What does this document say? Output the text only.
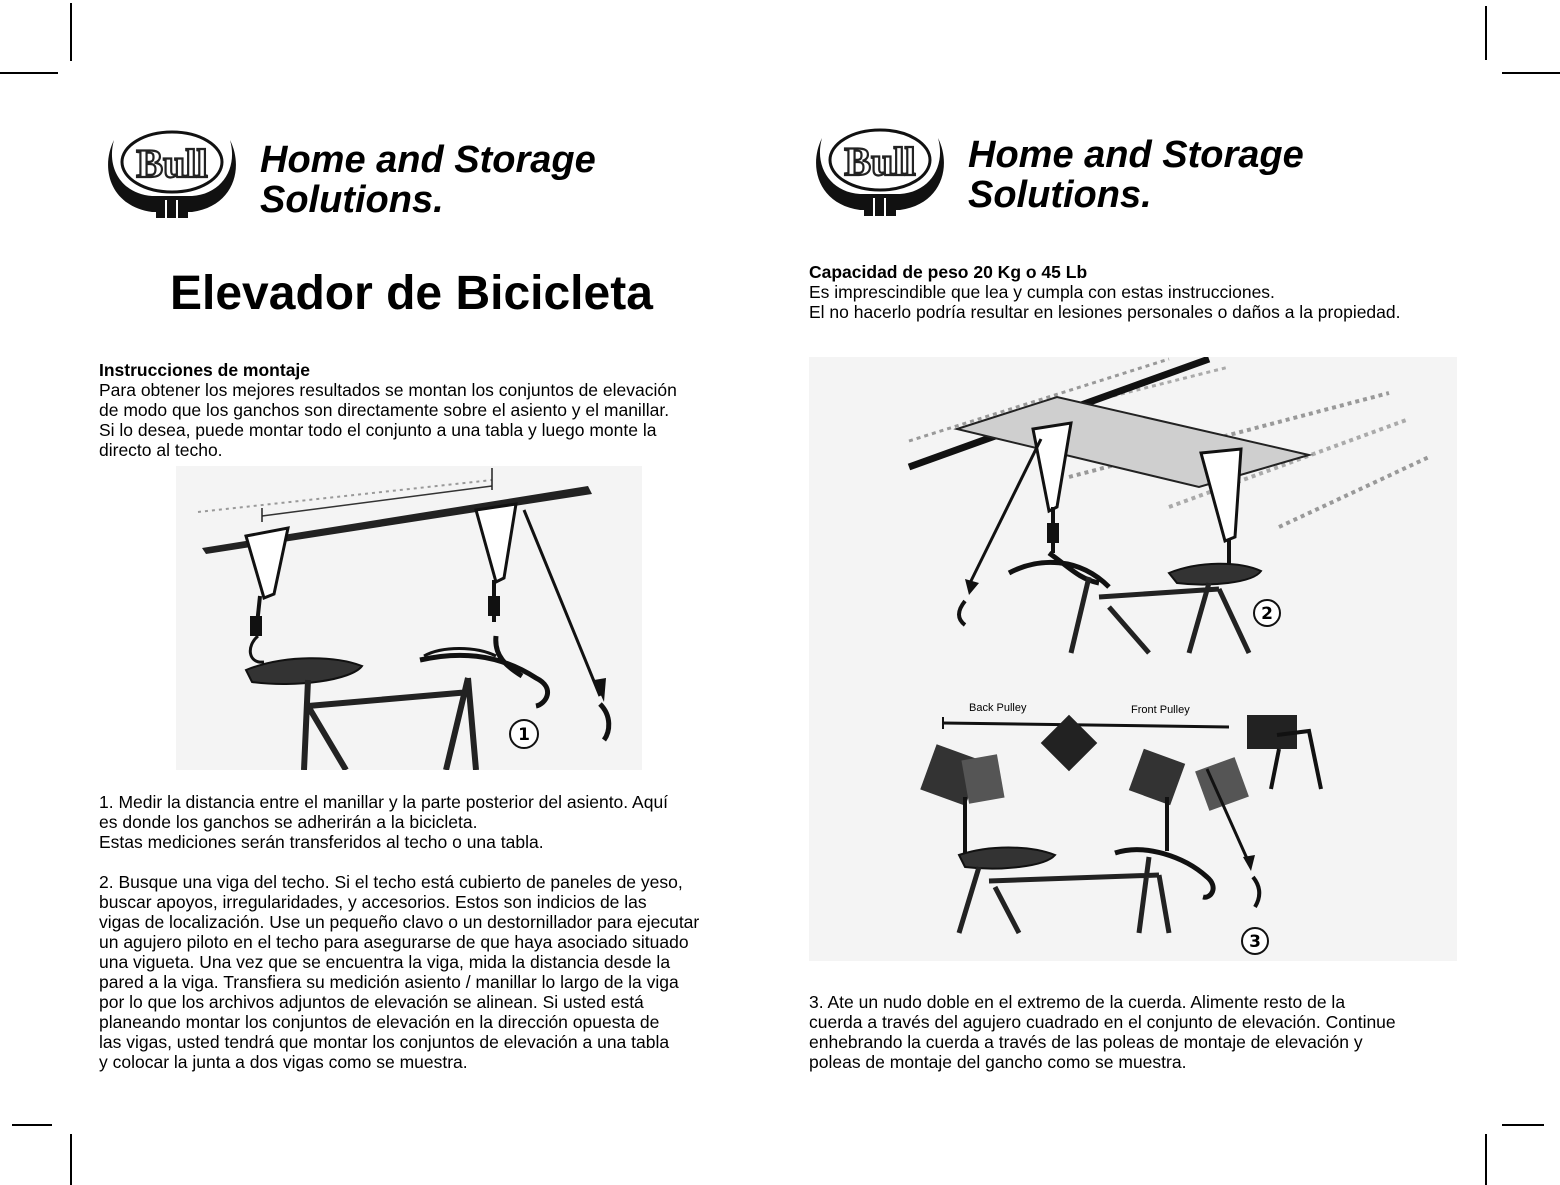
Bull Home and Storage
Solutions.
Elevador de Bicicleta

Instrucciones de montaje

Para obtener los mejores resultados se montan los conjuntos de elevación

de modo que los ganchos son directamente sobre el asiento y el manillar.

Si lo desea, puede montar todo el conjunto a una tabla y luego monte la

directo al techo.

1

1. Medir la distancia entre el manillar y la parte posterior del asiento. Aquí

es donde los ganchos se adherirán a la bicicleta.

Estas mediciones serán transferidos al techo o una tabla.

2. Busque una viga del techo. Si el techo está cubierto de paneles de yeso,

buscar apoyos, irregularidades, y accesorios. Estos son indicios de las

vigas de localización. Use un pequeño clavo o un destornillador para ejecutar

un agujero piloto en el techo para asegurarse de que haya asociado situado

una vigueta. Una vez que se encuentra la viga, mida la distancia desde la

pared a la viga. Transfiera su medición asiento / manillar lo largo de la viga

por lo que los archivos adjuntos de elevación se alinean. Si usted está

planeando montar los conjuntos de elevación en la dirección opuesta de

las vigas, usted tendrá que montar los conjuntos de elevación a una tabla

y colocar la junta a dos vigas como se muestra.

Bull Home and Storage
Solutions.

Capacidad de peso 20 Kg o 45 Lb

Es imprescindible que lea y cumpla con estas instrucciones.

El no hacerlo podría resultar en lesiones personales o daños a la propiedad.

2
Back Pulley	Front Pulley
3

3. Ate un nudo doble en el extremo de la cuerda. Alimente resto de la

cuerda a través del agujero cuadrado en el conjunto de elevación. Continue

enhebrando la cuerda a través de las poleas de montaje de elevación y

poleas de montaje del gancho como se muestra.
